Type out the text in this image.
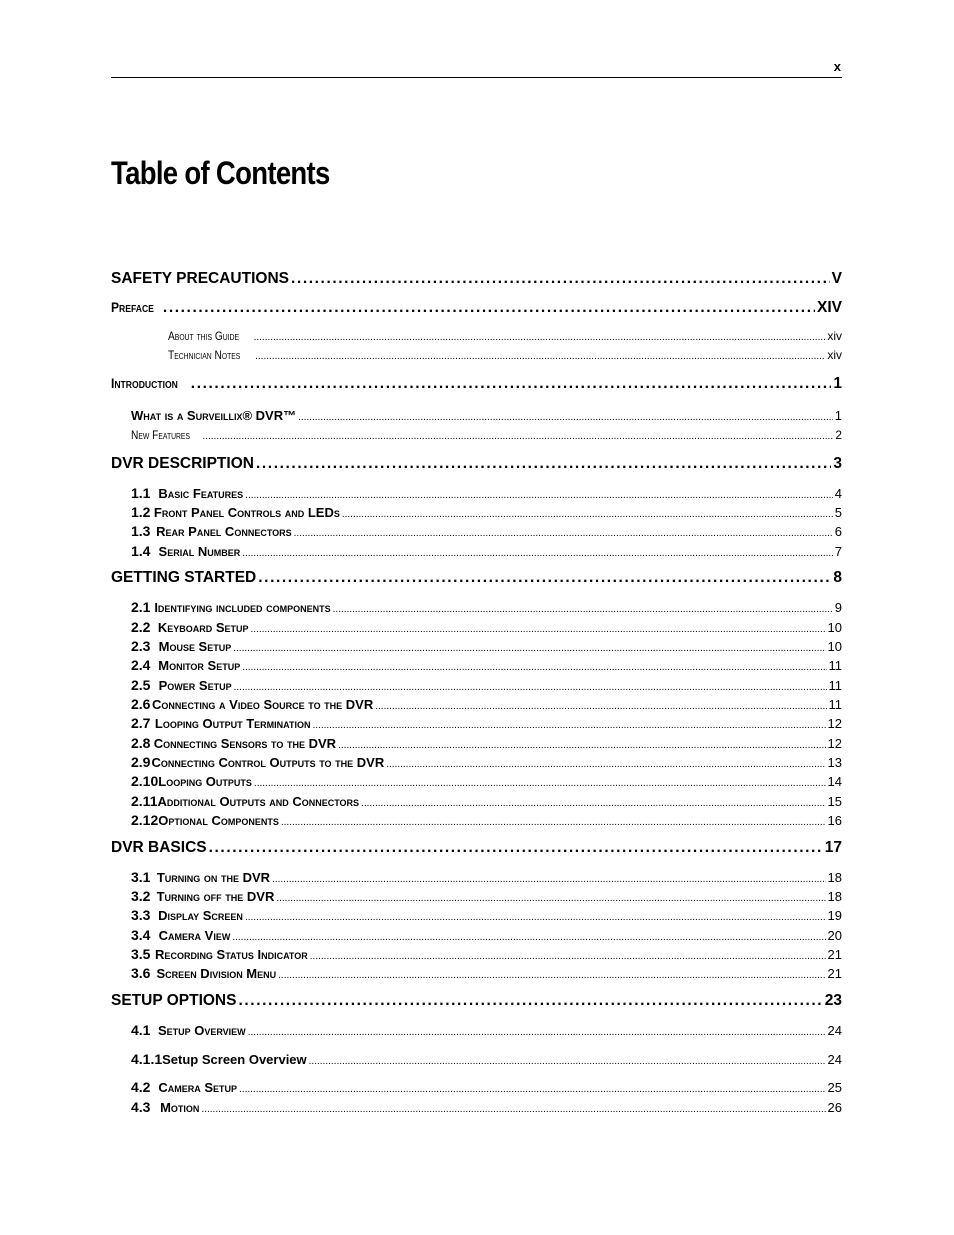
x
Table of Contents
SAFETY PRECAUTIONS .....	V
Preface .....	XIV
About this Guide .....	xiv
Technician Notes .....	xiv
Introduction .....	1
What is a Surveillix ® DVR™ .....	1
New Features .....	2
DVR DESCRIPTION .....	3
1.1 Basic Features .....	4
1.2 Front Panel Controls and LEDs .....	5
1.3 Rear Panel Connectors .....	6
1.4 Serial Number .....	7
GETTING STARTED .....	8
2.1 Identifying included components .....	9
2.2 Keyboard Setup .....	10
2.3 Mouse Setup .....	10
2.4 Monitor Setup .....	11
2.5 Power Setup .....	11
2.6 Connecting a Video Source to the DVR .....	11
2.7 Looping Output Termination .....	12
2.8 Connecting Sensors to the DVR .....	12
2.9 Connecting Control Outputs to the DVR .....	13
2.10 Looping Outputs .....	14
2.11 Additional Outputs and Connectors .....	15
2.12 Optional Components .....	16
DVR BASICS .....	17
3.1 Turning on the DVR .....	18
3.2 Turning off the DVR .....	18
3.3 Display Screen .....	19
3.4 Camera View .....	20
3.5 Recording Status Indicator .....	21
3.6 Screen Division Menu .....	21
SETUP OPTIONS .....	23
4.1 Setup Overview .....	24
4.1.1 Setup Screen Overview .....	24
4.2 Camera Setup .....	25
4.3 Motion .....	26
